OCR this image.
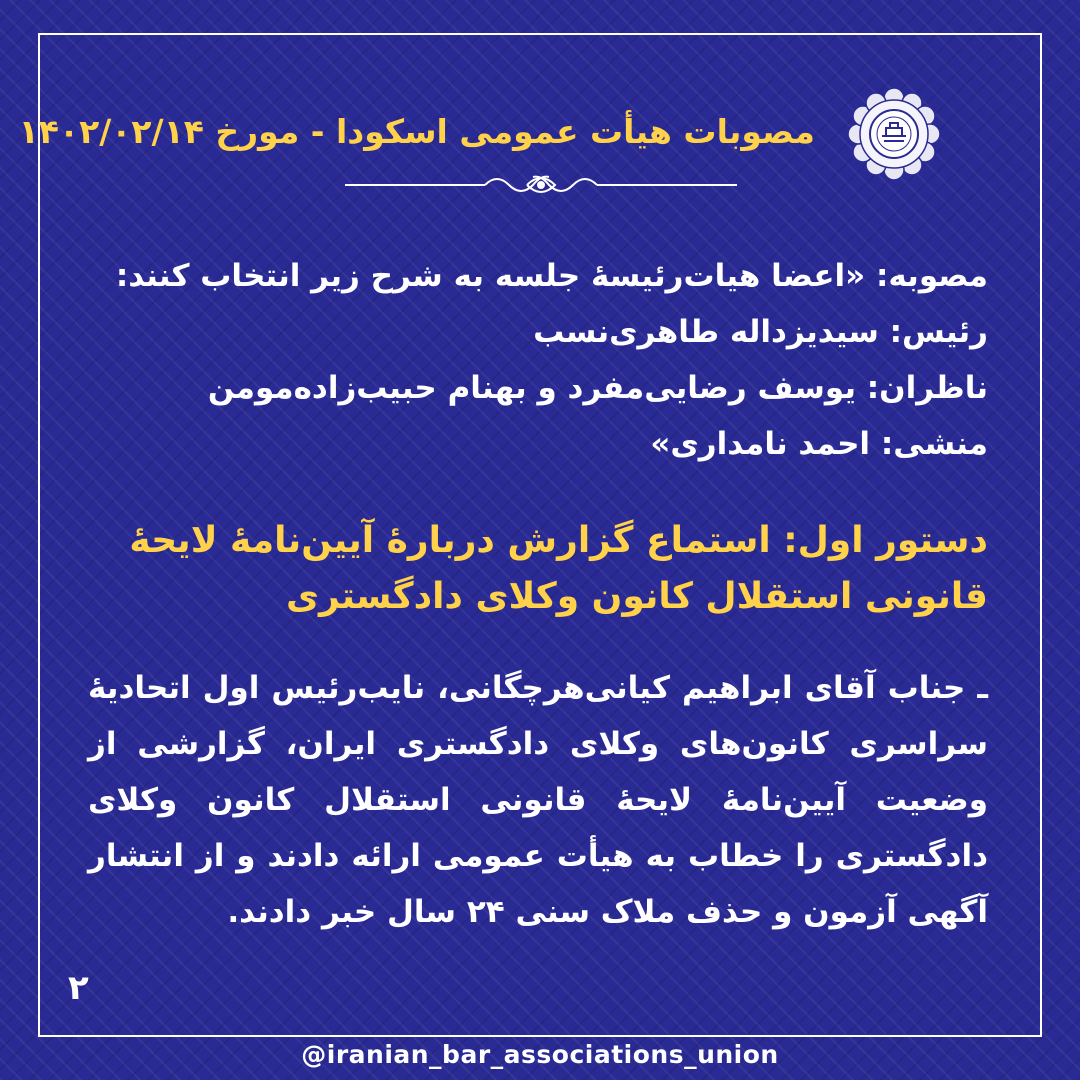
مصوبات هیأت عمومی اسکودا - مورخ ۱۴۰۲/۰۲/۱۴

مصوبه: «اعضا هیات‌رئیسهٔ جلسه به شرح زیر انتخاب کنند:

رئیس: سیدیزداله طاهری‌نسب

ناظران: یوسف رضایی‌مفرد و بهنام حبیب‌زاده‌مومن

منشی: احمد نامداری»

دستور اول: استماع گزارش دربارهٔ آیین‌نامهٔ لایحهٔ قانونی استقلال کانون وکلای دادگستری

ـ جناب آقای ابراهیم کیانی‌هرچگانی، نایب‌رئیس اول اتحادیهٔ سراسری کانون‌های وکلای دادگستری ایران، گزارشی از وضعیت آیین‌نامهٔ لایحهٔ قانونی استقلال کانون وکلای دادگستری را خطاب به هیأت عمومی ارائه دادند و از انتشار آگهی آزمون و حذف ملاک سنی ۲۴ سال خبر دادند.

۲
@iranian_bar_associations_union
